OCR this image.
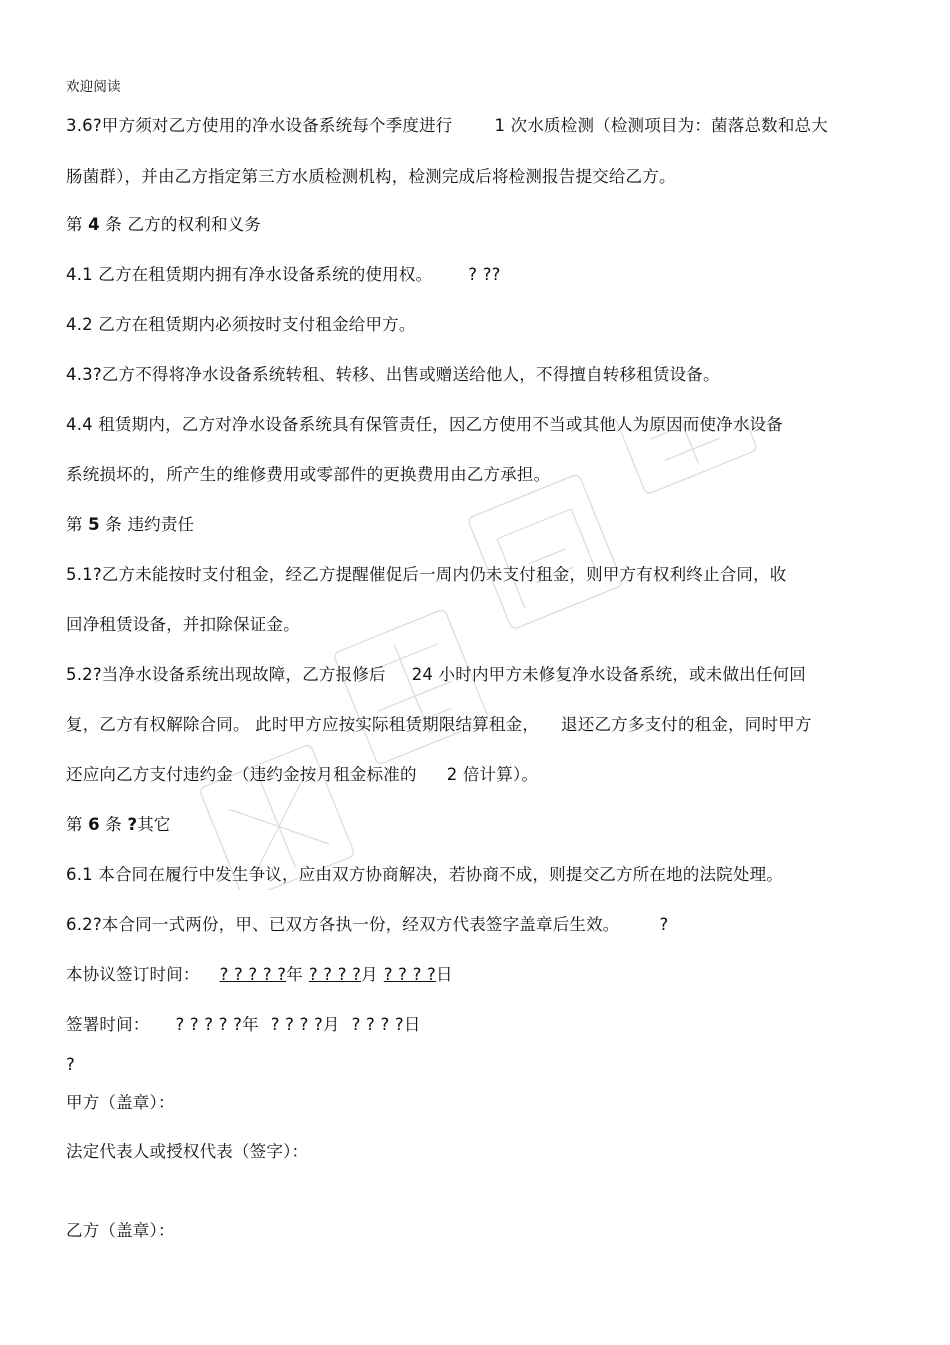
欢迎阅读
3.6?甲方须对乙方使用的净水设备系统每个季度进行	1 次水质检测（检测项目为：菌落总数和总大
肠菌群），并由乙方指定第三方水质检测机构，检测完成后将检测报告提交给乙方。
第 4 条 乙方的权利和义务
4.1 乙方在租赁期内拥有净水设备系统的使用权。 ? ??
4.2 乙方在租赁期内必须按时支付租金给甲方。
4.3?乙方不得将净水设备系统转租、转移、出售或赠送给他人，不得擅自转移租赁设备。
4.4 租赁期内，乙方对净水设备系统具有保管责任，因乙方使用不当或其他人为原因而使净水设备
系统损坏的，所产生的维修费用或零部件的更换费用由乙方承担。
第 5 条 违约责任
5.1?乙方未能按时支付租金，经乙方提醒催促后一周内仍未支付租金，则甲方有权利终止合同，收
回净租赁设备，并扣除保证金。
5.2?当净水设备系统出现故障，乙方报修后 24 小时内甲方未修复净水设备系统，或未做出任何回
复，乙方有权解除合同。 此时甲方应按实际租赁期限结算租金， 退还乙方多支付的租金，同时甲方
还应向乙方支付违约金（违约金按月租金标准的 2 倍计算）。
第 6 条 ?其它
6.1 本合同在履行中发生争议，应由双方协商解决，若协商不成，则提交乙方所在地的法院处理。
6.2?本合同一式两份，甲、已双方各执一份，经双方代表签字盖章后生效。 ?
本协议签订时间： ? ? ? ? ?年 ? ? ? ?月 ? ? ? ?日
签署时间： ? ? ? ? ?年 ? ? ? ?月 ? ? ? ?日
?
甲方（盖章）：
法定代表人或授权代表（签字）：
乙方（盖章）：
